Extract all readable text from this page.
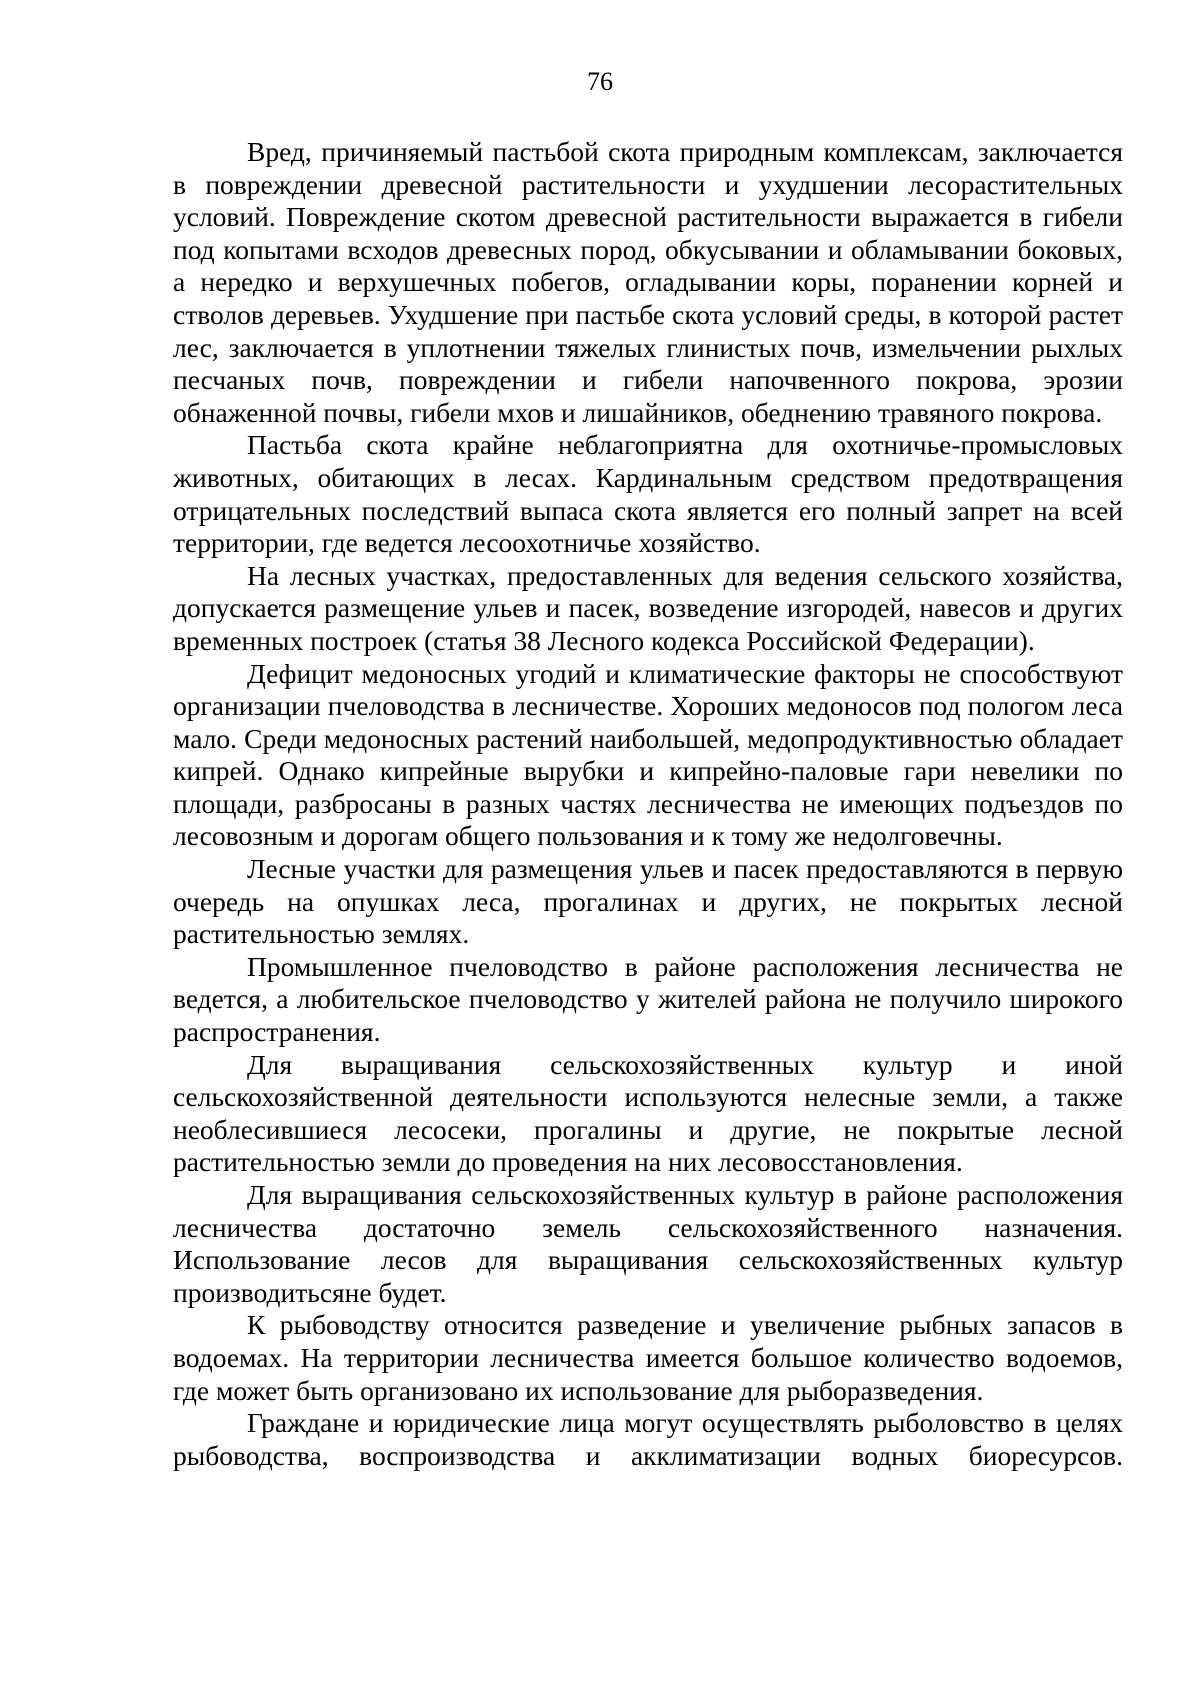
76

Вред, причиняемый пастьбой скота природным комплексам, заключается в повреждении древесной растительности и ухудшении лесорастительных условий. Повреждение скотом древесной растительности выражается в гибели под копытами всходов древесных пород, обкусывании и обламывании боковых, а нередко и верхушечных побегов, огладывании коры, поранении корней и стволов деревьев. Ухудшение при пастьбе скота условий среды, в которой растет лес, заключается в уплотнении тяжелых глинистых почв, измельчении рыхлых песчаных почв, повреждении и гибели напочвенного покрова, эрозии обнаженной почвы, гибели мхов и лишайников, обеднению травяного покрова.

Пастьба скота крайне неблагоприятна для охотничье-промысловых животных, обитающих в лесах. Кардинальным средством предотвращения отрицательных последствий выпаса скота является его полный запрет на всей территории, где ведется лесоохотничье хозяйство.

На лесных участках, предоставленных для ведения сельского хозяйства, допускается размещение ульев и пасек, возведение изгородей, навесов и других временных построек (статья 38 Лесного кодекса Российской Федерации).

Дефицит медоносных угодий и климатические факторы не способствуют организации пчеловодства в лесничестве. Хороших медоносов под пологом леса мало. Среди медоносных растений наибольшей, медопродуктивностью обладает кипрей. Однако кипрейные вырубки и кипрейно-паловые гари невелики по площади, разбросаны в разных частях лесничества не имеющих подъездов по лесовозным и дорогам общего пользования и к тому же недолговечны.

Лесные участки для размещения ульев и пасек предоставляются в первую очередь на опушках леса, прогалинах и других, не покрытых лесной растительностью землях.

Промышленное пчеловодство в районе расположения лесничества не ведется, а любительское пчеловодство у жителей района не получило широкого распространения.

Для выращивания сельскохозяйственных культур и иной сельскохозяйственной деятельности используются нелесные земли, а также необлесившиеся лесосеки, прогалины и другие, не покрытые лесной растительностью земли до проведения на них лесовосстановления.

Для выращивания сельскохозяйственных культур в районе расположения лесничества достаточно земель сельскохозяйственного назначения. Использование лесов для выращивания сельскохозяйственных культур производитьсяне будет.

К рыбоводству относится разведение и увеличение рыбных запасов в водоемах. На территории лесничества имеется большое количество водоемов, где может быть организовано их использование для рыборазведения.

Граждане и юридические лица могут осуществлять рыболовство в целях рыбоводства, воспроизводства и акклиматизации водных биоресурсов.
